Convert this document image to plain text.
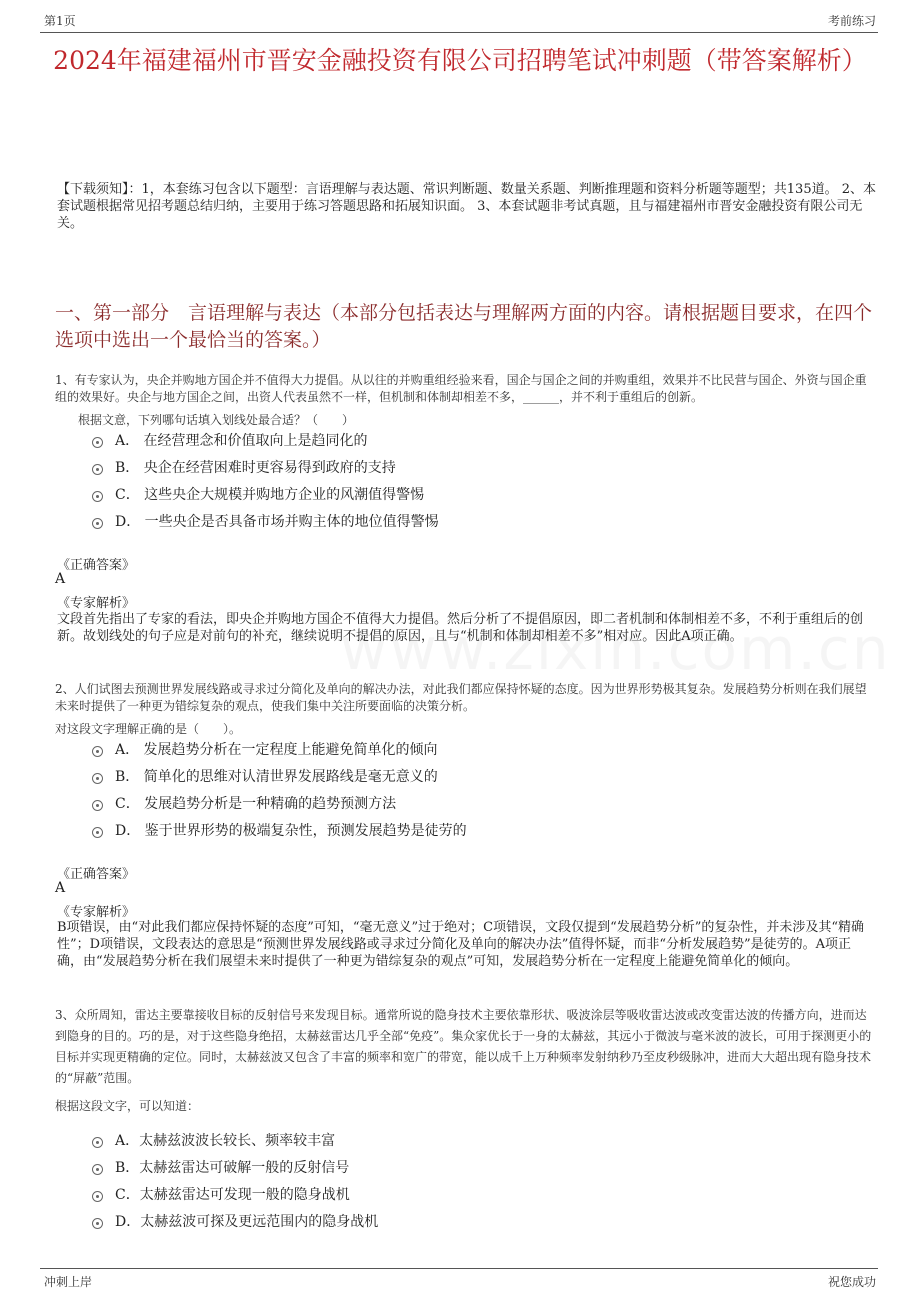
第1页	考前练习
2024年福建福州市晋安金融投资有限公司招聘笔试冲刺题（带答案解析）
【下载须知】：1，本套练习包含以下题型：言语理解与表达题、常识判断题、数量关系题、判断推理题和资料分析题等题型；共135道。 2、本套试题根据常见招考题总结归纳，主要用于练习答题思路和拓展知识面。 3、本套试题非考试真题，且与福建福州市晋安金融投资有限公司无关。
一、第一部分　言语理解与表达（本部分包括表达与理解两方面的内容。请根据题目要求，在四个选项中选出一个最恰当的答案。）
1、有专家认为，央企并购地方国企并不值得大力提倡。从以往的并购重组经验来看，国企与国企之间的并购重组，效果并不比民营与国企、外资与国企重组的效果好。央企与地方国企之间，出资人代表虽然不一样，但机制和体制却相差不多，______，并不利于重组后的创新。
根据文意，下列哪句话填入划线处最合适？（　　）
A． 在经营理念和价值取向上是趋同化的
B． 央企在经营困难时更容易得到政府的支持
C． 这些央企大规模并购地方企业的风潮值得警惕
D． 一些央企是否具备市场并购主体的地位值得警惕
《正确答案》
A
《专家解析》
文段首先指出了专家的看法，即央企并购地方国企不值得大力提倡。然后分析了不提倡原因，即二者机制和体制相差不多，不利于重组后的创新。故划线处的句子应是对前句的补充，继续说明不提倡的原因，且与“机制和体制却相差不多”相对应。因此A项正确。
2、人们试图去预测世界发展线路或寻求过分简化及单向的解决办法，对此我们都应保持怀疑的态度。因为世界形势极其复杂。发展趋势分析则在我们展望未来时提供了一种更为错综复杂的观点，使我们集中关注所要面临的决策分析。
对这段文字理解正确的是（　　）。
A． 发展趋势分析在一定程度上能避免简单化的倾向
B． 简单化的思维对认清世界发展路线是毫无意义的
C． 发展趋势分析是一种精确的趋势预测方法
D． 鉴于世界形势的极端复杂性，预测发展趋势是徒劳的
《正确答案》
A
《专家解析》
B项错误，由“对此我们都应保持怀疑的态度”可知，“毫无意义”过于绝对；C项错误，文段仅提到“发展趋势分析”的复杂性，并未涉及其“精确性”；D项错误，文段表达的意思是“预测世界发展线路或寻求过分简化及单向的解决办法”值得怀疑，而非“分析发展趋势”是徒劳的。A项正确，由“发展趋势分析在我们展望未来时提供了一种更为错综复杂的观点”可知，发展趋势分析在一定程度上能避免简单化的倾向。
3、众所周知，雷达主要靠接收目标的反射信号来发现目标。通常所说的隐身技术主要依靠形状、吸波涂层等吸收雷达波或改变雷达波的传播方向，进而达到隐身的目的。巧的是，对于这些隐身绝招，太赫兹雷达几乎全部“免疫”。集众家优长于一身的太赫兹，其远小于微波与毫米波的波长，可用于探测更小的目标并实现更精确的定位。同时，太赫兹波又包含了丰富的频率和宽广的带宽，能以成千上万种频率发射纳秒乃至皮秒级脉冲，进而大大超出现有隐身技术的“屏蔽”范围。
根据这段文字，可以知道：
A．太赫兹波波长较长、频率较丰富
B．太赫兹雷达可破解一般的反射信号
C．太赫兹雷达可发现一般的隐身战机
D．太赫兹波可探及更远范围内的隐身战机
冲刺上岸	祝您成功
